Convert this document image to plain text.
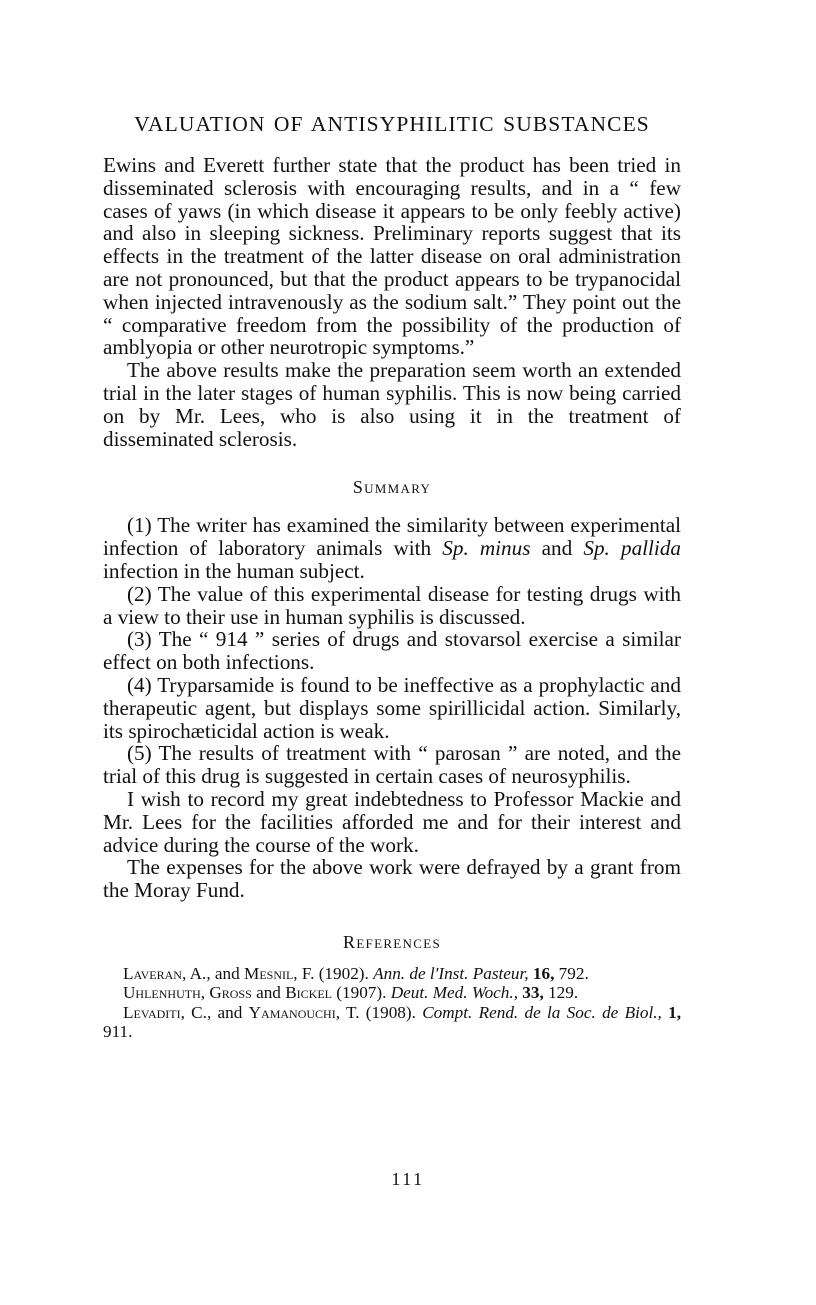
VALUATION OF ANTISYPHILITIC SUBSTANCES

Ewins and Everett further state that the product has been tried in disseminated sclerosis with encouraging results, and in a “ few cases of yaws (in which disease it appears to be only feebly active) and also in sleeping sickness. Preliminary reports suggest that its effects in the treatment of the latter disease on oral administration are not pronounced, but that the product appears to be trypanocidal when injected intravenously as the sodium salt.” They point out the “ comparative freedom from the possibility of the production of amblyopia or other neurotropic symptoms.”

The above results make the preparation seem worth an extended trial in the later stages of human syphilis. This is now being carried on by Mr. Lees, who is also using it in the treatment of disseminated sclerosis.

Summary

(1) The writer has examined the similarity between experimental infection of laboratory animals with Sp. minus and Sp. pallida infection in the human subject.

(2) The value of this experimental disease for testing drugs with a view to their use in human syphilis is discussed.

(3) The “ 914 ” series of drugs and stovarsol exercise a similar effect on both infections.

(4) Tryparsamide is found to be ineffective as a prophylactic and therapeutic agent, but displays some spirillicidal action. Similarly, its spirochæticidal action is weak.

(5) The results of treatment with “ parosan ” are noted, and the trial of this drug is suggested in certain cases of neurosyphilis.

I wish to record my great indebtedness to Professor Mackie and Mr. Lees for the facilities afforded me and for their interest and advice during the course of the work.

The expenses for the above work were defrayed by a grant from the Moray Fund.

References

Laveran, A., and Mesnil, F. (1902). Ann. de l'Inst. Pasteur, 16, 792.

Uhlenhuth, Gross and Bickel (1907). Deut. Med. Woch., 33, 129.

Levaditi, C., and Yamanouchi, T. (1908). Compt. Rend. de la Soc. de Biol., 1, 911.

111
